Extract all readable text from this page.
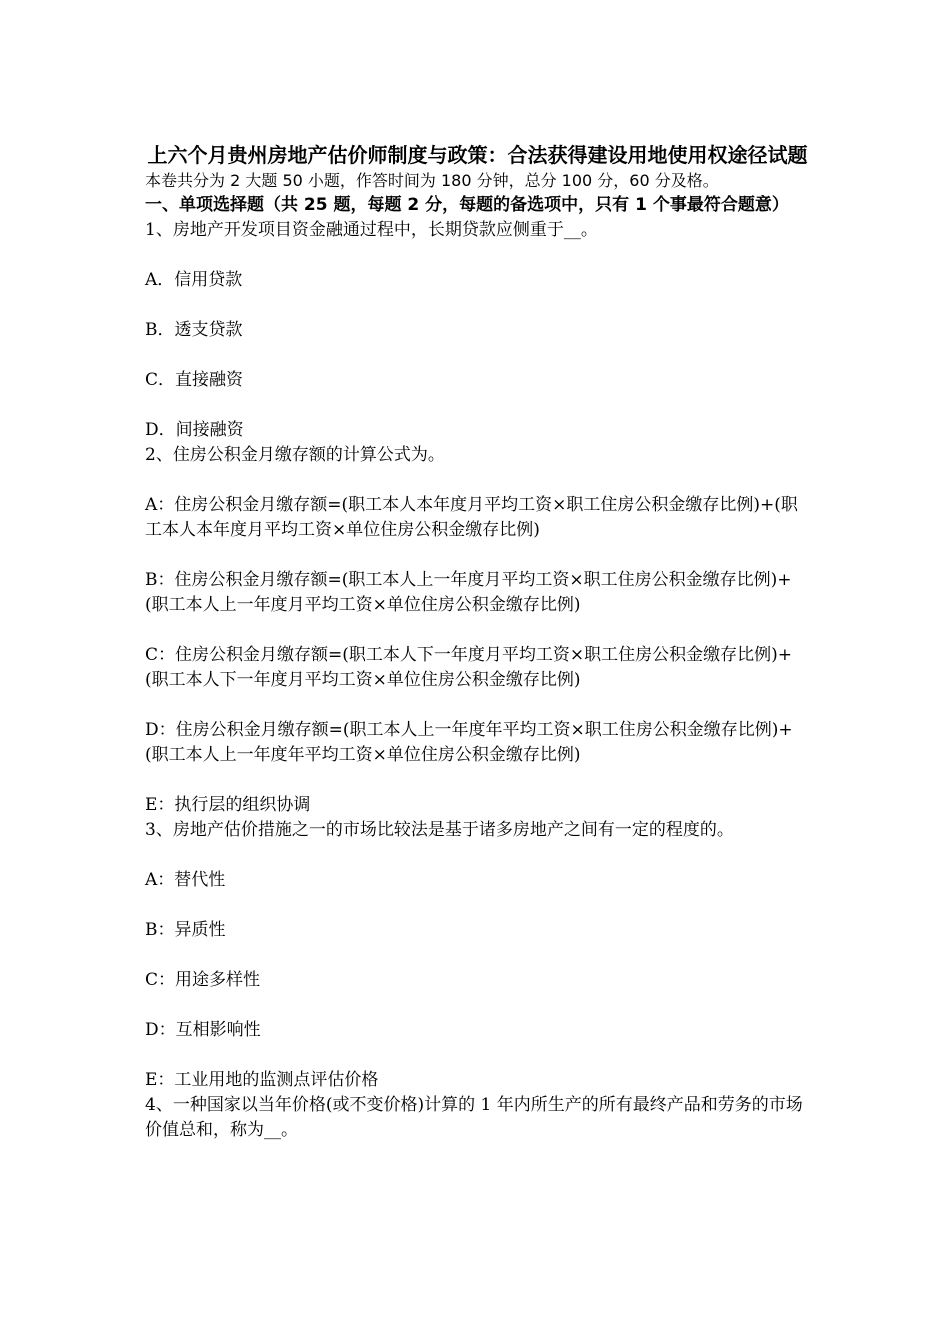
上六个月贵州房地产估价师制度与政策：合法获得建设用地使用权途径试题

本卷共分为 2 大题 50 小题，作答时间为 180 分钟，总分 100 分，60 分及格。

一、单项选择题（共 25 题，每题 2 分，每题的备选项中，只有 1 个事最符合题意）

1、房地产开发项目资金融通过程中，长期贷款应侧重于__。

A．信用贷款

B．透支贷款

C．直接融资

D．间接融资

2、住房公积金月缴存额的计算公式为。

A：住房公积金月缴存额=(职工本人本年度月平均工资×职工住房公积金缴存比例)+(职工本人本年度月平均工资×单位住房公积金缴存比例)

B：住房公积金月缴存额=(职工本人上一年度月平均工资×职工住房公积金缴存比例)+(职工本人上一年度月平均工资×单位住房公积金缴存比例)

C：住房公积金月缴存额=(职工本人下一年度月平均工资×职工住房公积金缴存比例)+(职工本人下一年度月平均工资×单位住房公积金缴存比例)

D：住房公积金月缴存额=(职工本人上一年度年平均工资×职工住房公积金缴存比例)+(职工本人上一年度年平均工资×单位住房公积金缴存比例)

E：执行层的组织协调

3、房地产估价措施之一的市场比较法是基于诸多房地产之间有一定的程度的。

A：替代性

B：异质性

C：用途多样性

D：互相影响性

E：工业用地的监测点评估价格

4、一种国家以当年价格(或不变价格)计算的 1 年内所生产的所有最终产品和劳务的市场价值总和，称为__。
